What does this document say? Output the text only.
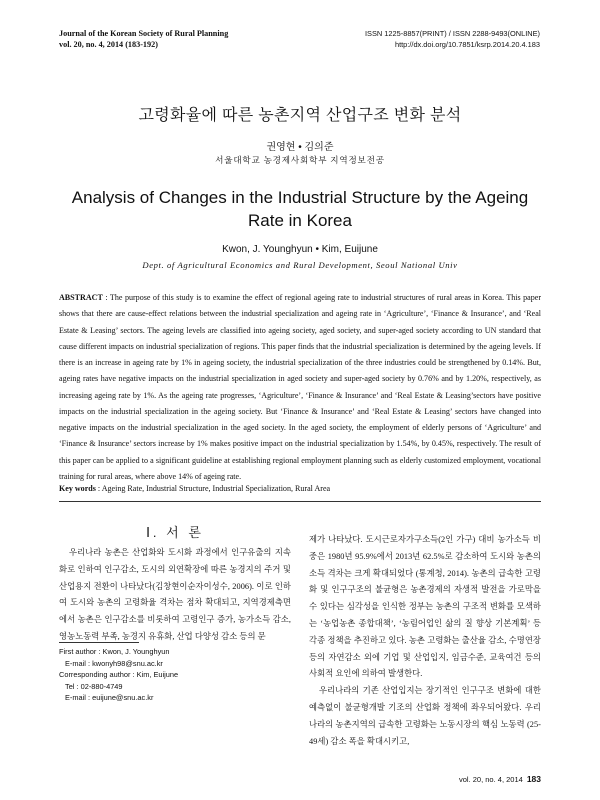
Journal of the Korean Society of Rural Planning
vol. 20, no. 4, 2014 (183-192)
ISSN 1225-8857(PRINT) / ISSN 2288-9493(ONLINE)
http://dx.doi.org/10.7851/ksrp.2014.20.4.183
고령화율에 따른 농촌지역 산업구조 변화 분석
권영현 • 김의준
서울대학교 농경제사회학부 지역정보전공
Analysis of Changes in the Industrial Structure by the Ageing Rate in Korea
Kwon, J. Younghyun • Kim, Euijune
Dept. of Agricultural Economics and Rural Development, Seoul National Univ
ABSTRACT : The purpose of this study is to examine the effect of regional ageing rate to industrial structures of rural areas in Korea. This paper shows that there are cause-effect relations between the industrial specialization and ageing rate in ‘Agriculture’, ‘Finance & Insurance’, and ‘Real Estate & Leasing’ sectors. The ageing levels are classified into ageing society, aged society, and super-aged society according to UN standard that cause different impacts on industrial specialization of regions. This paper finds that the industrial specialization is determined by the ageing levels. If there is an increase in ageing rate by 1% in ageing society, the industrial specialization of the three industries could be strengthened by 0.14%. But, ageing rates have negative impacts on the industrial specialization in aged society and super-aged society by 0.76% and by 1.20%, respectively, as increasing ageing rate by 1%. As the ageing rate progresses, ‘Agriculture’, ‘Finance & Insurance’ and ‘Real Estate & Leasing’sectors have positive impacts on the industrial specialization in the ageing society. But ‘Finance & Insurance’ and ‘Real Estate & Leasing’ sectors have changed into negative impacts on the industrial specialization in the aged society. In the aged society, the employment of elderly persons of ‘Agriculture’ and ‘Finance & Insurance’ sectors increase by 1% makes positive impact on the industrial specialization by 1.54%, by 0.45%, respectively. The result of this paper can be applied to a significant guideline at establishing regional employment planning such as elderly customized employment, vocational training for rural areas, where above 14% of ageing rate.
Key words : Ageing Rate, Industrial Structure, Industrial Specialization, Rural Area
Ⅰ. 서 론
우리나라 농촌은 산업화와 도시화 과정에서 인구유출의 지속화로 인하여 인구감소, 도시의 외연확장에 따른 농경지의 주거 및 산업용지 전환이 나타났다(김창현이순자이성수, 2006). 이로 인하여 도시와 농촌의 고령화율 격차는 점차 확대되고, 지역경제측면에서 농촌은 인구감소를 비롯하여 고령인구 증가, 농가소득 감소, 영농노동력 부족, 농경지 유휴화, 산업 다양성 감소 등의 문

제가 나타났다. 도시근로자가구소득(2인 가구) 대비 농가소득 비중은 1980년 95.9%에서 2013년 62.5%로 감소하여 도시와 농촌의 소득 격차는 크게 확대되었다 (통계청, 2014). 농촌의 급속한 고령화 및 인구구조의 불균형은 농촌경제의 자생적 발전을 가로막을 수 있다는 심각성을 인식한 정부는 농촌의 구조적 변화를 모색하는 ‘농업농촌 종합대책’, ‘농림어업인 삶의 질 향상 기본계획’ 등 각종 정책을 추진하고 있다. 농촌 고령화는 출산율 감소, 수명연장 등의 자연감소 외에 기업 및 산업입지, 임금수준, 교육여건 등의 사회적 요인에 의하여 발생한다.

우리나라의 기존 산업입지는 장기적인 인구구조 변화에 대한 예측없이 불균형개발 기조의 산업화 정책에 좌우되어왔다. 우리나라의 농촌지역의 급속한 고령화는 노동시장의 핵심 노동력 (25-49세) 감소 폭을 확대시키고,

First author : Kwon, J. Younghyun
E-mail : kwonyh98@snu.ac.kr
Corresponding author : Kim, Euijune
Tel : 02-880-4749
E-mail : euijune@snu.ac.kr
vol. 20, no. 4, 2014 183
